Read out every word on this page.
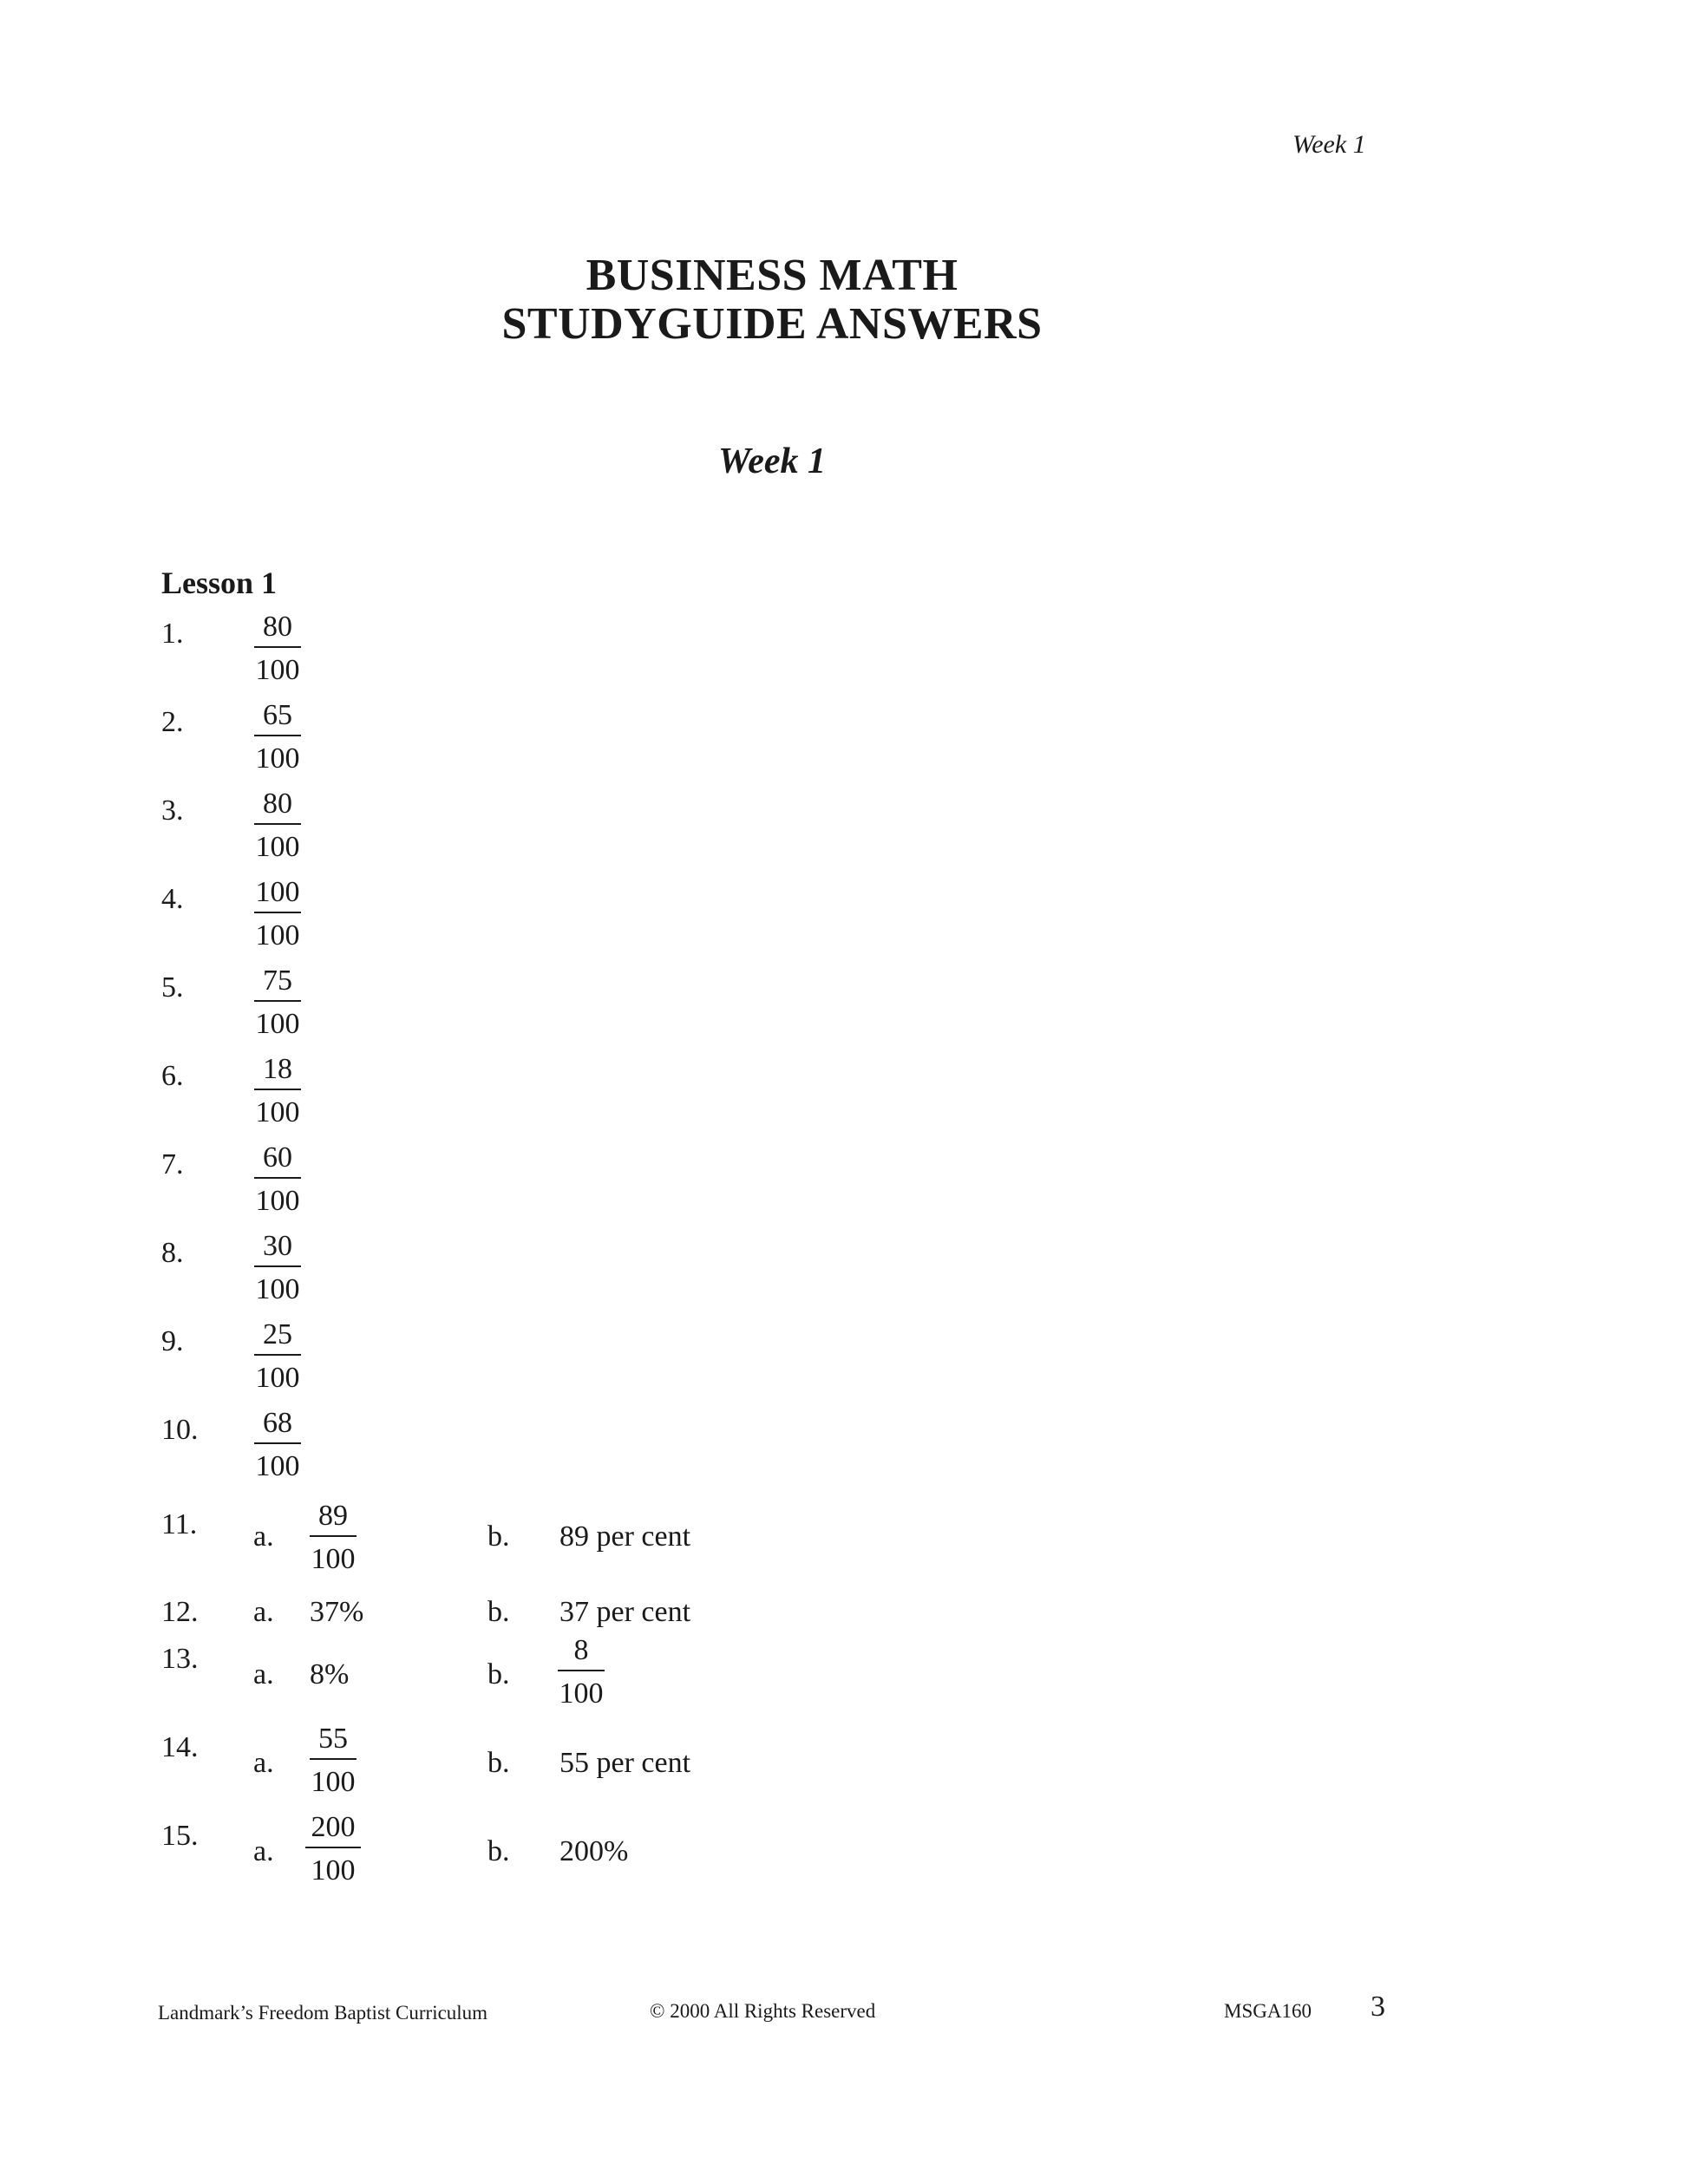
Week 1
BUSINESS MATH
STUDYGUIDE ANSWERS
Week 1
Lesson 1
1.	80
100
2.	65
100
3.	80
100
4. 100
100
5.	75
100
6.	18
100
7.	60
100
8.	30
100
9.	25
100
10. 68
100
11. a.
89
100
b. 89 per cent
12. a. 37%	b. 37 per cent
13. a. 8%	b.
8
100
14. a.
55
100
b. 55 per cent
15. a.
200
100
b. 200%
Landmark’s Freedom Baptist Curriculum	© 2000 All Rights Reserved	MSGA160 3
